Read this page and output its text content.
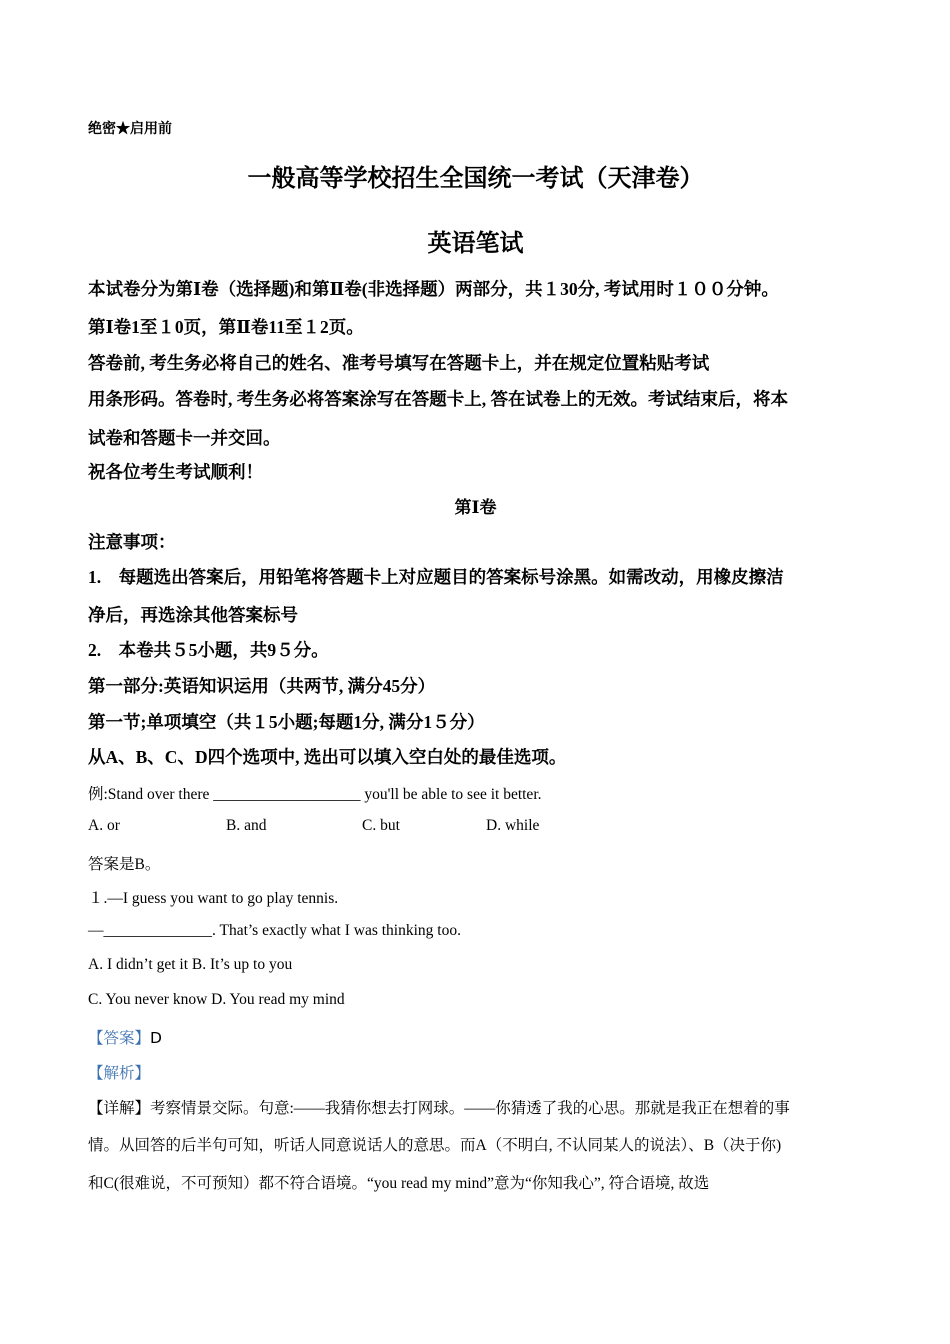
绝密★启用前
一般高等学校招生全国统一考试（天津卷）
英语笔试
本试卷分为第Ⅰ卷（选择题)和第Ⅱ卷(非选择题）两部分，共１30分, 考试用时１００分钟。
第Ⅰ卷1至１0页，第Ⅱ卷11至１2页。
答卷前, 考生务必将自己的姓名、准考号填写在答题卡上，并在规定位置粘贴考试
用条形码。答卷时, 考生务必将答案涂写在答题卡上, 答在试卷上的无效。考试结束后，将本
试卷和答题卡一并交回。
祝各位考生考试顺利！
第Ⅰ卷
注意事项：
1.　每题选出答案后，用铅笔将答题卡上对应题目的答案标号涂黑。如需改动，用橡皮擦洁
净后，再选涂其他答案标号
2.　本卷共５5小题，共9５分。
第一部分:英语知识运用（共两节, 满分45分）
第一节;单项填空（共１5小题;每题1分, 满分1５分）
从A、B、C、D四个选项中, 选出可以填入空白处的最佳选项。
例:Stand over there ___________________ you'll be able to see it better.
A. or	B. and	C. but	D. while
答案是B。
１.—I guess you want to go play tennis.
—______________. That’s exactly what I was thinking too.
A. I didn’t get it B. It’s up to you
C. You never know D. You read my mind
【答案】D
【解析】
【详解】考察情景交际。句意:——我猜你想去打网球。——你猜透了我的心思。那就是我正在想着的事
情。从回答的后半句可知，听话人同意说话人的意思。而A（不明白, 不认同某人的说法）、B（决于你)
和C(很难说，不可预知）都不符合语境。“you read my mind”意为“你知我心”, 符合语境, 故选
